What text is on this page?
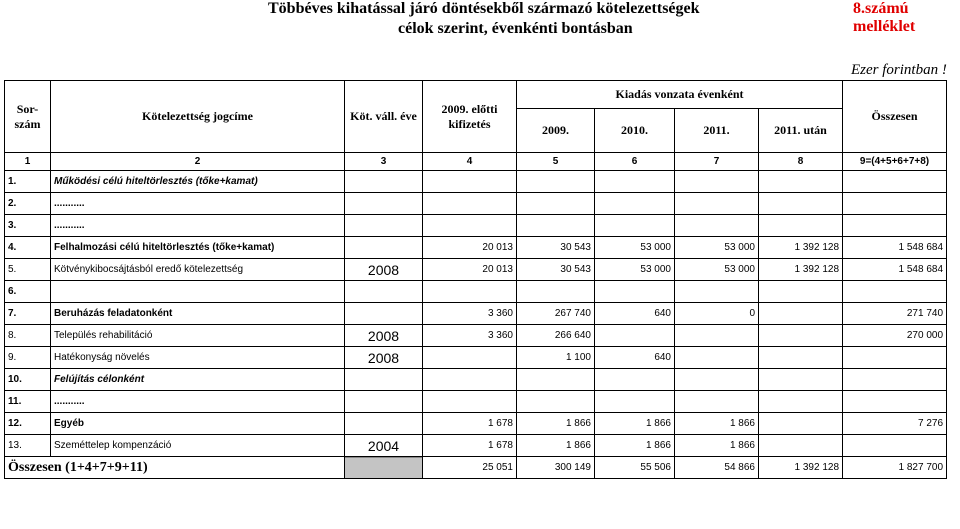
Többéves kihatással járó döntésekből származó kötelezettségek
célok szerint, évenkénti bontásban
8.számú melléklet
Ezer forintban !
Sor-szám	Kötelezettség jogcíme	Köt. váll. éve	2009. előtti kifizetés	Kiadás vonzata évenként				Összesen
				2009.	2010.	2011.	2011. után	
1	2	3	4	5	6	7	8	9=(4+5+6+7+8)
1.	Működési célú hiteltörlesztés (tőke+kamat)							
2.	...........							
3.	...........							
4.	Felhalmozási célú hiteltörlesztés (tőke+kamat)		20 013	30 543	53 000	53 000	1 392 128	1 548 684
5.	Kötvénykibocsájtásból eredő kötelezettség	2008	20 013	30 543	53 000	53 000	1 392 128	1 548 684
6.								
7.	Beruházás feladatonként		3 360	267 740	640	0		271 740
8.	Település rehabilitáció	2008	3 360	266 640				270 000
9.	Hatékonyság növelés	2008		1 100	640			
10.	Felújítás célonként							
11.	...........							
12.	Egyéb		1 678	1 866	1 866	1 866		7 276
13.	Szeméttelep kompenzáció	2004	1 678	1 866	1 866	1 866		
Összesen (1+4+7+9+11)			25 051	300 149	55 506	54 866	1 392 128	1 827 700
